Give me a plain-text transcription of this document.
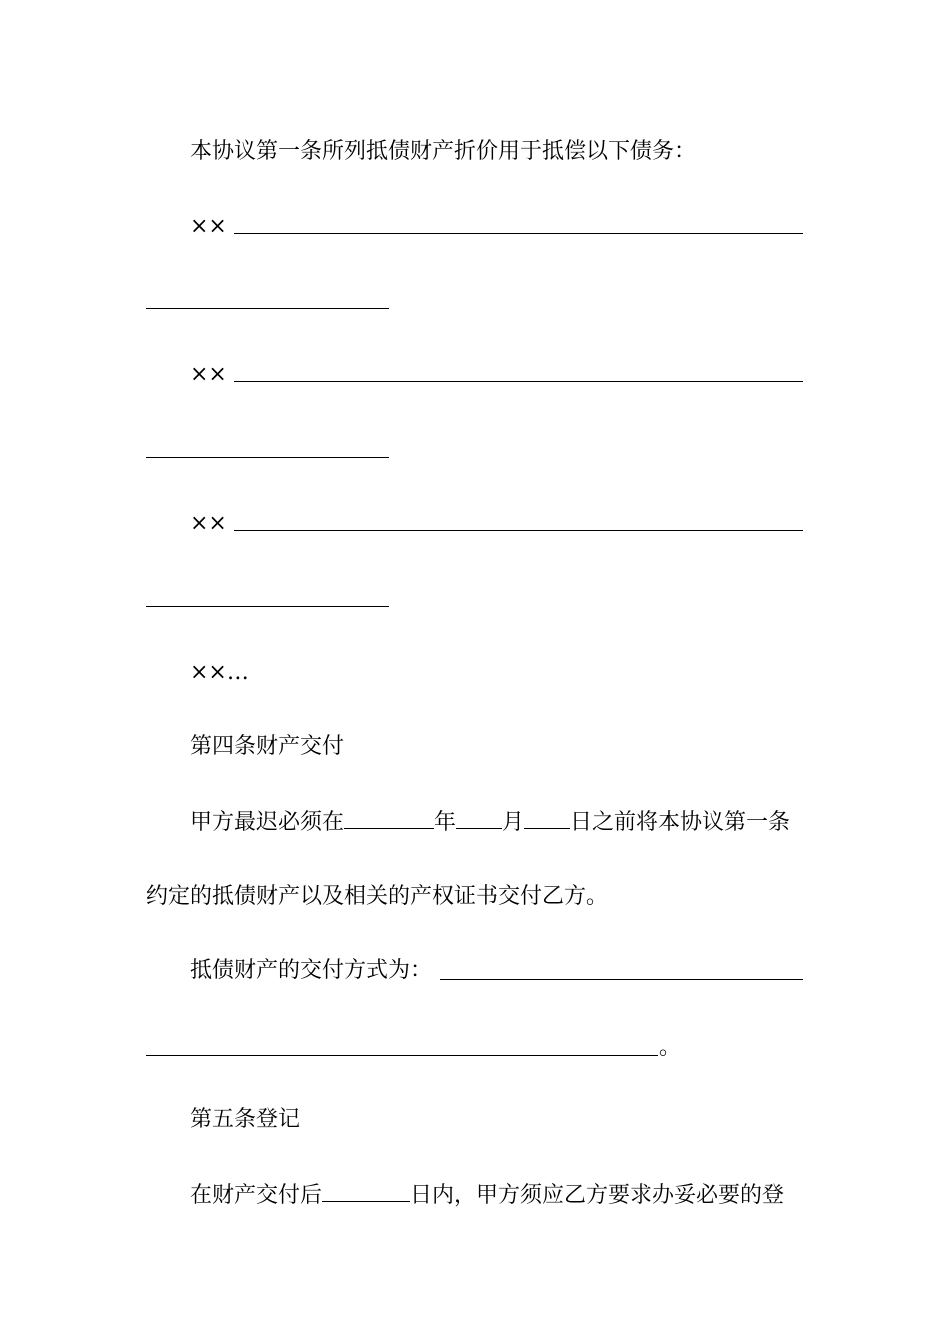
本协议第一条所列抵债财产折价用于抵偿以下债务：
××
××
××
××…
第四条财产交付
甲方最迟必须在	年 月 日之前将本协议第一条
约定的抵债财产以及相关的产权证书交付乙方。
抵债财产的交付方式为：
。
第五条登记
在财产交付后	日内，甲方须应乙方要求办妥必要的登
